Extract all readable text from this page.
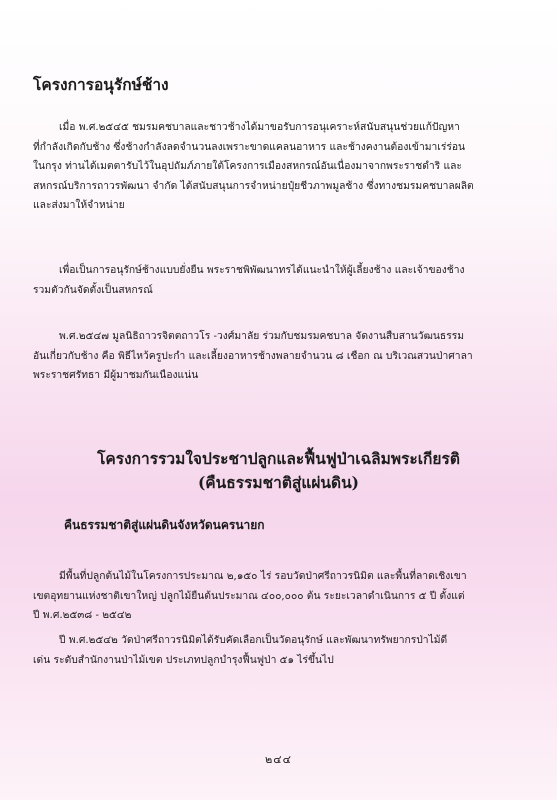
โครงการอนุรักษ์ช้าง

เมื่อ พ.ศ.๒๕๔๕ ชมรมคชบาลและชาวช้างได้มาขอรับการอนุเคราะห์สนับสนุนช่วยแก้ปัญหา
ที่กำลังเกิดกับช้าง ซึ่งช้างกำลังลดจำนวนลงเพราะขาดแคลนอาหาร และช้างคงานต้องเข้ามาเร่ร่อน
ในกรุง ท่านได้เมตตารับไว้ในอุปถัมภ์ภายใต้โครงการเมืองสหกรณ์อันเนื่องมาจากพระราชดำริ และ
สหกรณ์บริการถาวรพัฒนา จำกัด ได้สนับสนุนการจำหน่ายปุ๋ยชีวภาพมูลช้าง ซึ่งทางชมรมคชบาลผลิต
และส่งมาให้จำหน่าย

เพื่อเป็นการอนุรักษ์ช้างแบบยั่งยืน พระราชพิพัฒนาทรได้แนะนำให้ผู้เลี้ยงช้าง และเจ้าของช้าง
รวมตัวกันจัดตั้งเป็นสหกรณ์

พ.ศ.๒๕๔๗ มูลนิธิถาวรจิตตถาวโร -วงศ์มาลัย ร่วมกับชมรมคชบาล จัดงานสืบสานวัฒนธรรม
อันเกี่ยวกับช้าง คือ พิธีไหว้ครูปะกำ และเลี้ยงอาหารช้างพลายจำนวน ๘ เชือก ณ บริเวณสวนป่าศาลา
พระราชศรัทธา มีผู้มาชมกันเนืองแน่น

โครงการรวมใจประชาปลูกและฟื้นฟูป่าเฉลิมพระเกียรติ
(คืนธรรมชาติสู่แผ่นดิน)
คืนธรรมชาติสู่แผ่นดินจังหวัดนครนายก

มีพื้นที่ปลูกต้นไม้ในโครงการประมาณ ๒,๑๕๐ ไร่ รอบวัดป่าศรีถาวรนิมิต และพื้นที่ลาดเชิงเขา
เขตอุทยานแห่งชาติเขาใหญ่ ปลูกไม้ยืนต้นประมาณ ๔๐๐,๐๐๐ ต้น ระยะเวลาดำเนินการ ๕ ปี ตั้งแต่
ปี พ.ศ.๒๕๓๘ - ๒๕๔๒

ปี พ.ศ.๒๕๔๒ วัดป่าศรีถาวรนิมิตได้รับคัดเลือกเป็นวัดอนุรักษ์ และพัฒนาทรัพยากรป่าไม้ดี
เด่น ระดับสำนักงานป่าไม้เขต ประเภทปลูกบำรุงฟื้นฟูป่า ๕๑ ไร่ขึ้นไป

๒๔๔
